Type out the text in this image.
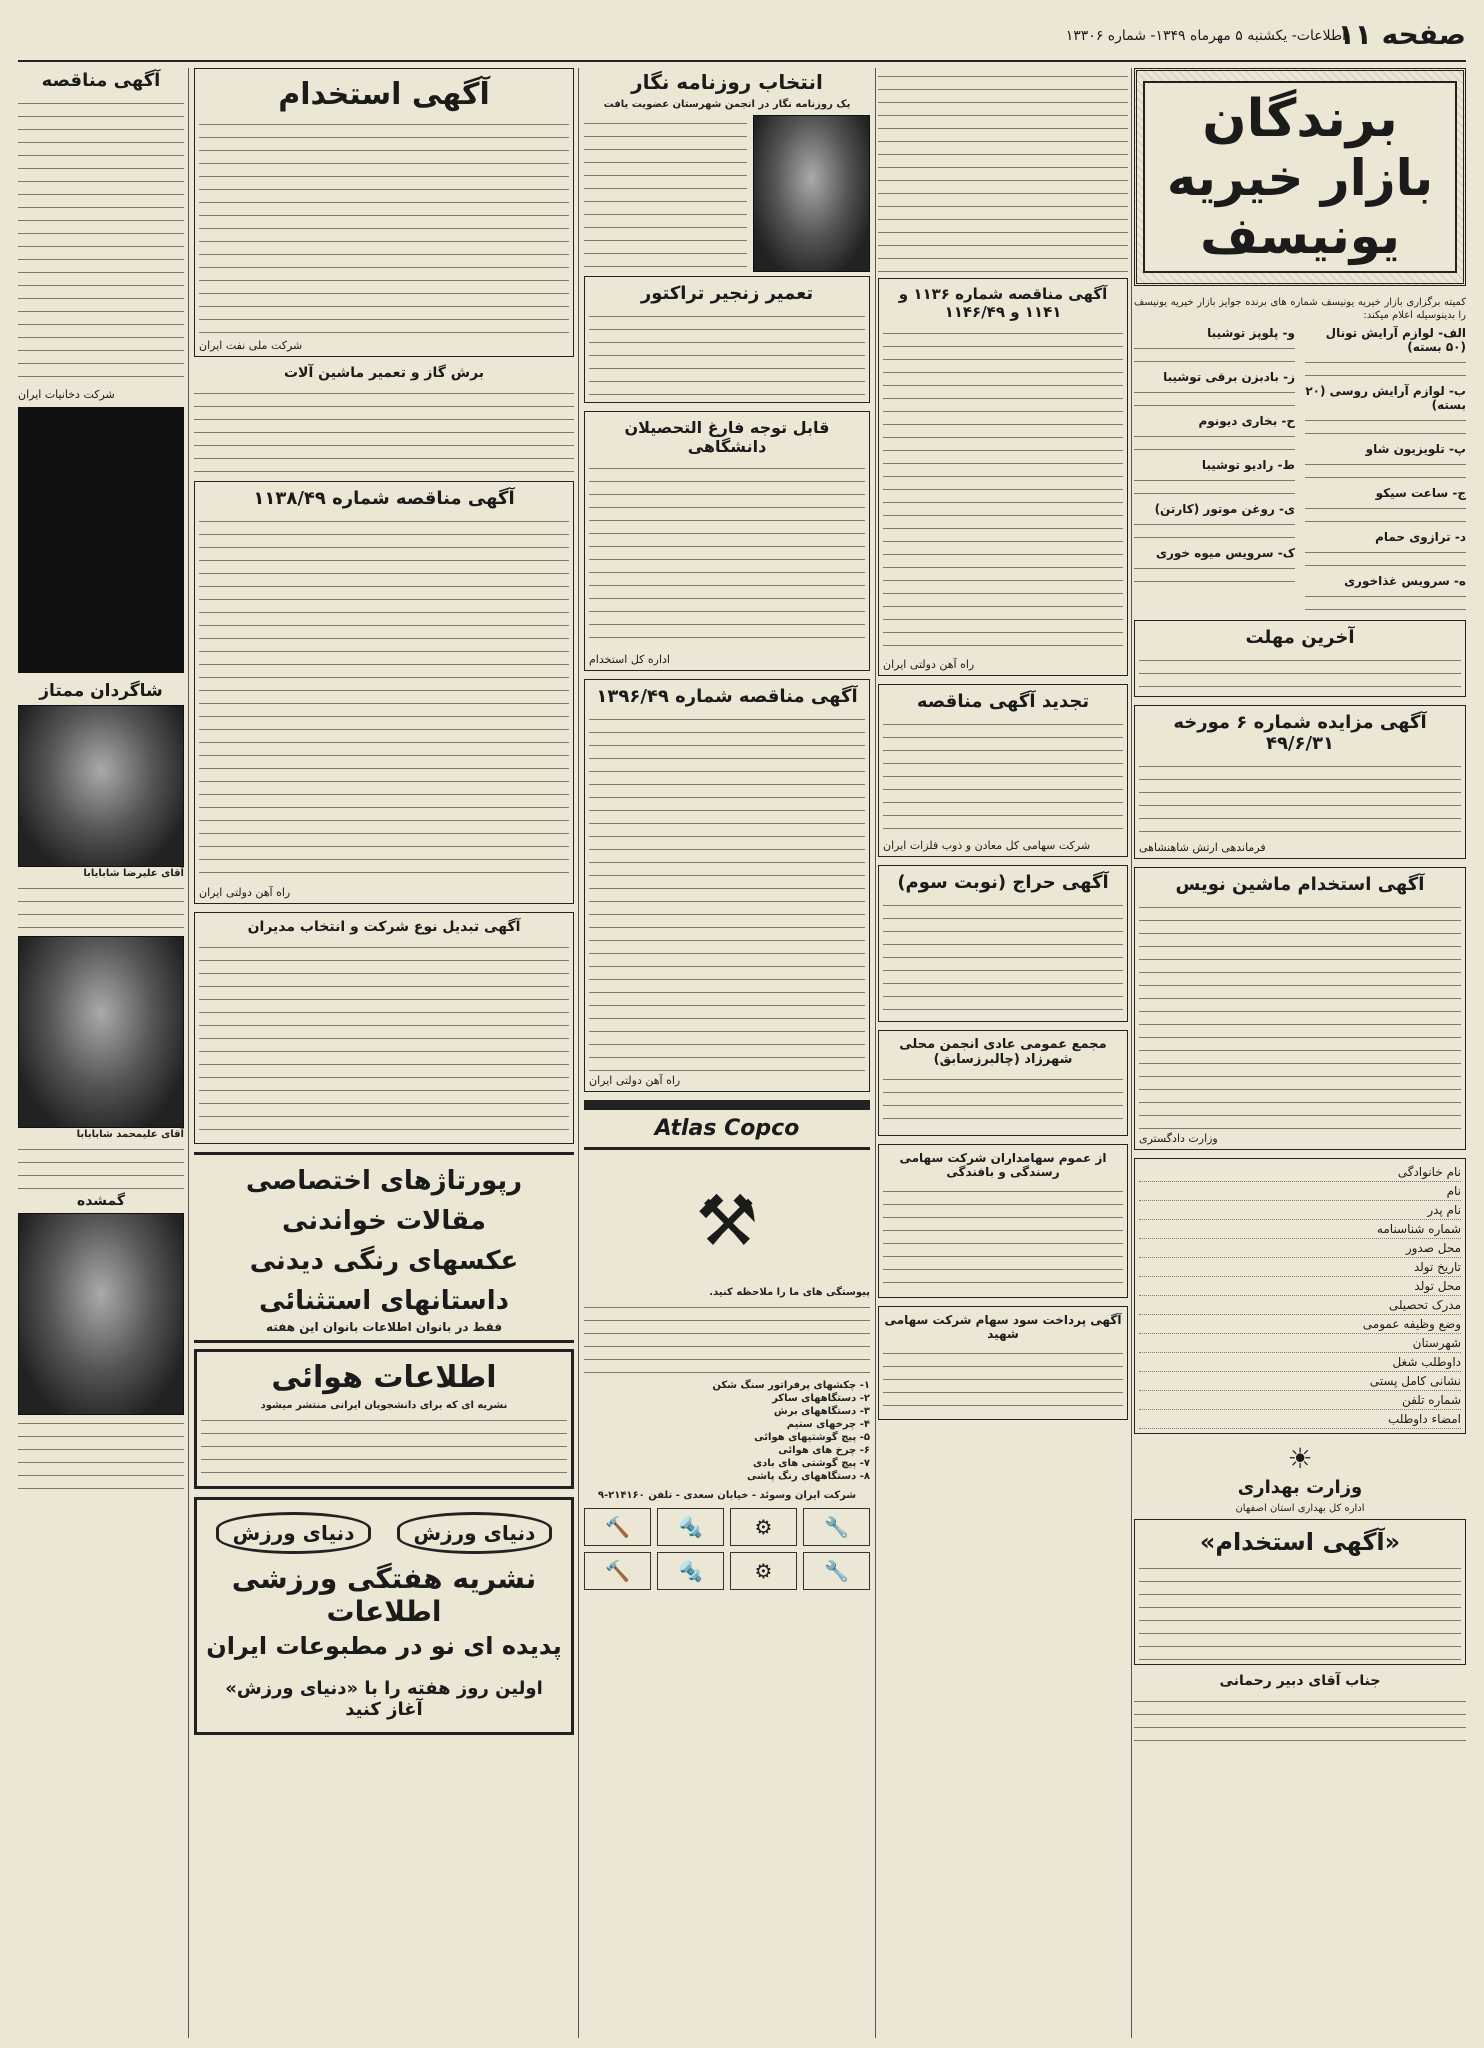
صفحه ۱۱
اطلاعات- یکشنبه ۵ مهرماه ۱۳۴۹- شماره ۱۳۳۰۶
برندگان
بازار خیریه یونیسف
کمیته برگزاری بازار خیریه یونیسف شماره های برنده جوایز بازار خیریه یونیسف را بدینوسیله اعلام میکند:
الف- لوازم آرایش تونال (۵۰ بسته)
ب- لوازم آرایش روسی (۲۰ بسته)
پ- تلویزیون شاو
ج- ساعت سیکو
د- ترازوی حمام
ه- سرویس غذاخوری
و- پلوپز توشیبا
ز- بادبزن برقی توشیبا
ح- بخاری دیونوم
ط- رادیو توشیبا
ی- روغن موتور (کارتن)
ک- سرویس میوه خوری
آخرین مهلت
آگهی مزایده شماره ۶ مورخه ۴۹/۶/۳۱
فرماندهی ارتش شاهنشاهی
آگهی استخدام ماشین نویس
وزارت دادگستری
نام خانوادگی
نام
نام پدر
شماره شناسنامه
محل صدور
تاریخ تولد
محل تولد
مدرک تحصیلی
وضع وظیفه عمومی
شهرستان
داوطلب شغل
نشانی کامل پستی
شماره تلفن
امضاء داوطلب
☀
وزارت بهداری
اداره کل بهداری استان اصفهان
«آگهی استخدام»
جناب آقای دبیر رحمانی
آگهی مناقصه شماره ۱۱۳۶ و ۱۱۴۱ و ۱۱۴۶/۴۹
راه آهن دولتی ایران
تجدید آگهی مناقصه
شرکت سهامی کل معادن و ذوب فلزات ایران
آگهی حراج (نوبت سوم)
مجمع عمومی عادی انجمن محلی شهرزاد (چالبرزسابق)
از عموم سهامداران شرکت سهامی رسندگی و بافندگی
آگهی پرداخت سود سهام شرکت سهامی شهید
انتخاب روزنامه نگار
یک روزنامه نگار در انجمن شهرستان عضویت یافت
تعمیر زنجیر تراکتور
قابل توجه فارغ التحصیلان دانشگاهی
اداره کل استخدام
آگهی مناقصه شماره ۱۳۹۶/۴۹
راه آهن دولتی ایران
Atlas Copco
⚒
پیوستگی های ما را ملاحظه کنید.
۱- چکشهای پرفراتور سنگ شکن
۲- دستگاههای ساکر
۳- دستگاههای برش
۴- چرخهای ستیم
۵- پیچ گوشتیهای هوائی
۶- چرخ های هوائی
۷- پیچ گوشتی های بادی
۸- دستگاههای رنگ پاشی
شرکت ایران وسوئد - خیابان سعدی - تلفن ۲۱۴۱۶۰-۹
🔧
⚙
🔩
🔨
🔧
⚙
🔩
🔨
آگهی استخدام
شرکت ملی نفت ایران
برش گاز و تعمیر ماشین آلات
آگهی مناقصه شماره ۱۱۳۸/۴۹
راه آهن دولتی ایران
آگهی تبدیل نوع شرکت و انتخاب مدیران
رپورتاژهای اختصاصی
مقالات خواندنی
عکسهای رنگی دیدنی
داستانهای استثنائی
فقط در بانوان اطلاعات بانوان این هفته
اطلاعات هوائی
نشریه ای که برای دانشجویان ایرانی منتشر میشود
دنیای ورزش دنیای ورزش
نشریه هفتگی ورزشی اطلاعات
پدیده ای نو در مطبوعات ایران
اولین روز هفته را با «دنیای ورزش» آغاز کنید
آگهی مناقصه
شرکت دخانیات ایران
شاگردان ممتاز
آقای علیرضا شابایابا
آقای علیمحمد شابابابا
گمشده
